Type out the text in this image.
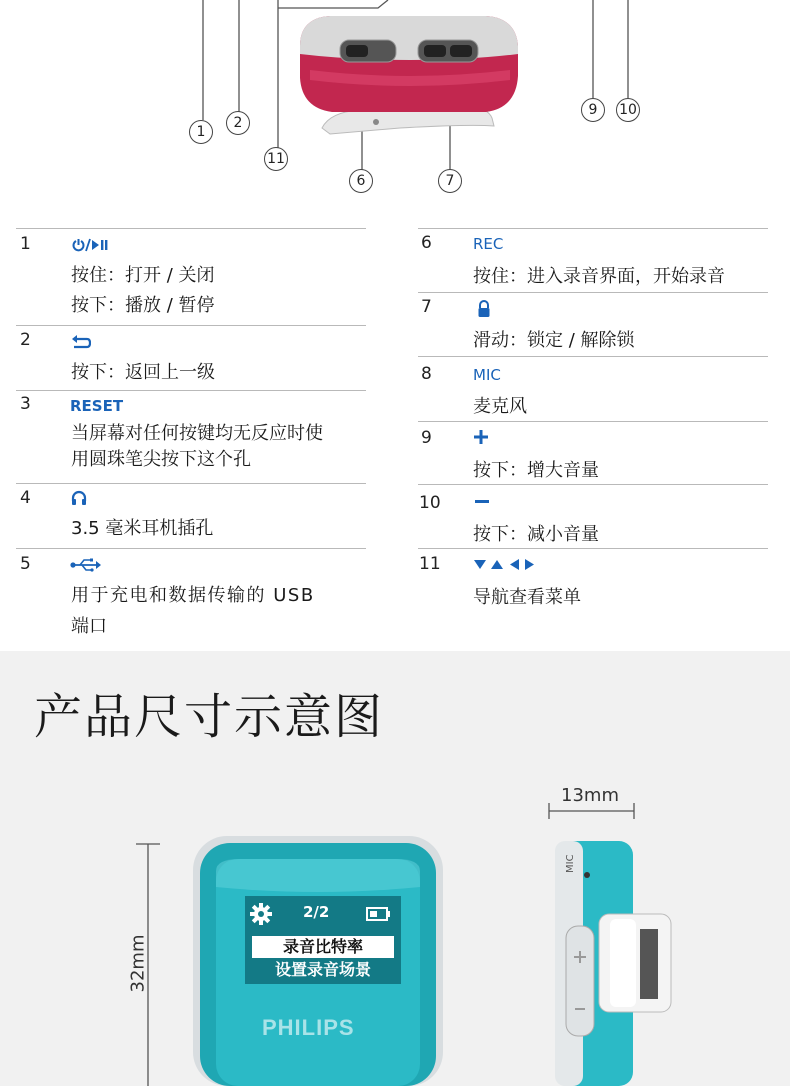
1
2
11
6	7
9	10
1
按住：打开 / 关闭
按下：播放 / 暂停
2
按下：返回上一级
3	RESET
当屏幕对任何按键均无反应时使
用圆珠笔尖按下这个孔
4
3.5 毫米耳机插孔
5
用于充电和数据传输的 USB
端口
6	REC
按住：进入录音界面，开始录音
7
滑动：锁定 / 解除锁
8	MIC
麦克风
9
按下：增大音量
10
按下：减小音量
11
导航查看菜单
产品尺寸示意图
32mm
13mm
2/2
录音比特率
设置录音场景
PHILIPS
MIC
